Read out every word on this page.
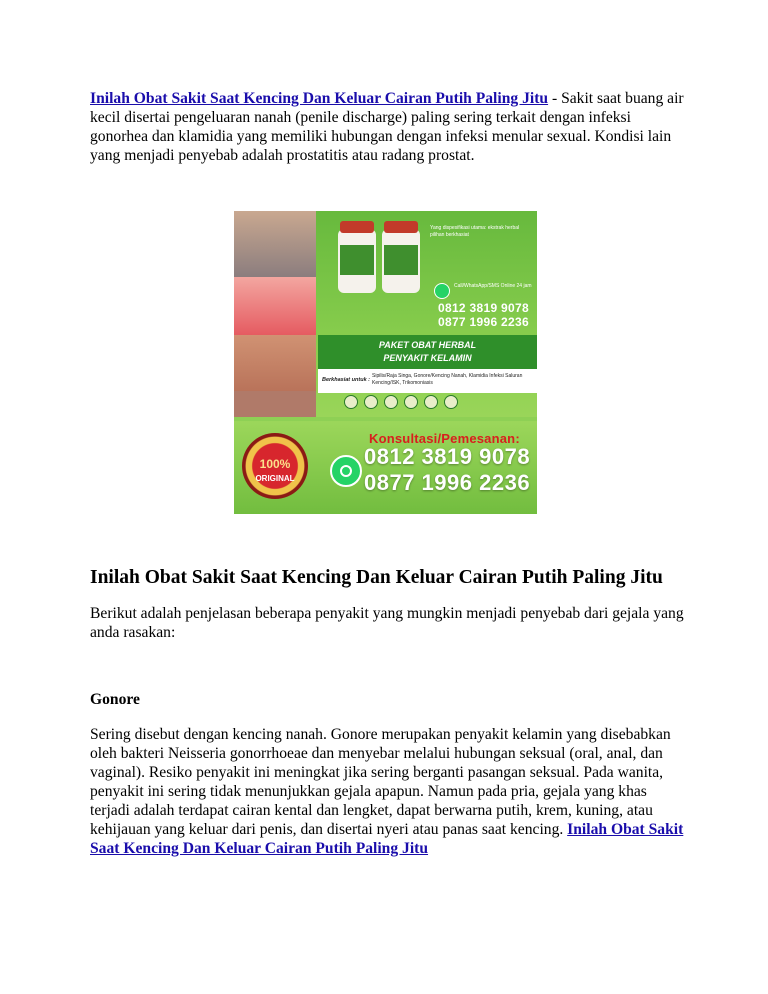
Inilah Obat Sakit Saat Kencing Dan Keluar Cairan Putih Paling Jitu - Sakit saat buang air kecil disertai pengeluaran nanah (penile discharge) paling sering terkait dengan infeksi gonorhea dan klamidia yang memiliki hubungan dengan infeksi menular sexual. Kondisi lain yang menjadi penyebab adalah prostatitis atau radang prostat.

Yang dispesifikasi utama: ekstrak herbal pilihan berkhasiat
Call/WhatsApp/SMS Online 24 jam
0812 3819 9078
0877 1996 2236
PAKET OBAT HERBAL
PENYAKIT KELAMIN
Berkhasiat untuk :
Sipilis/Raja Singa, Gonore/Kencing Nanah, Klamidia Infeksi Saluran Kencing/ISK, Trikomoniasis
100%
ORIGINAL
Konsultasi/Pemesanan:
0812 3819 9078
0877 1996 2236
Inilah Obat Sakit Saat Kencing Dan Keluar Cairan Putih Paling Jitu

Berikut adalah penjelasan beberapa penyakit yang mungkin menjadi penyebab dari gejala yang anda rasakan:

Gonore

Sering disebut dengan kencing nanah. Gonore merupakan penyakit kelamin yang disebabkan oleh bakteri Neisseria gonorrhoeae dan menyebar melalui hubungan seksual (oral, anal, dan vaginal). Resiko penyakit ini meningkat jika sering berganti pasangan seksual. Pada wanita, penyakit ini sering tidak menunjukkan gejala apapun. Namun pada pria, gejala yang khas terjadi adalah terdapat cairan kental dan lengket, dapat berwarna putih, krem, kuning, atau kehijauan yang keluar dari penis, dan disertai nyeri atau panas saat kencing. Inilah Obat Sakit Saat Kencing Dan Keluar Cairan Putih Paling Jitu
